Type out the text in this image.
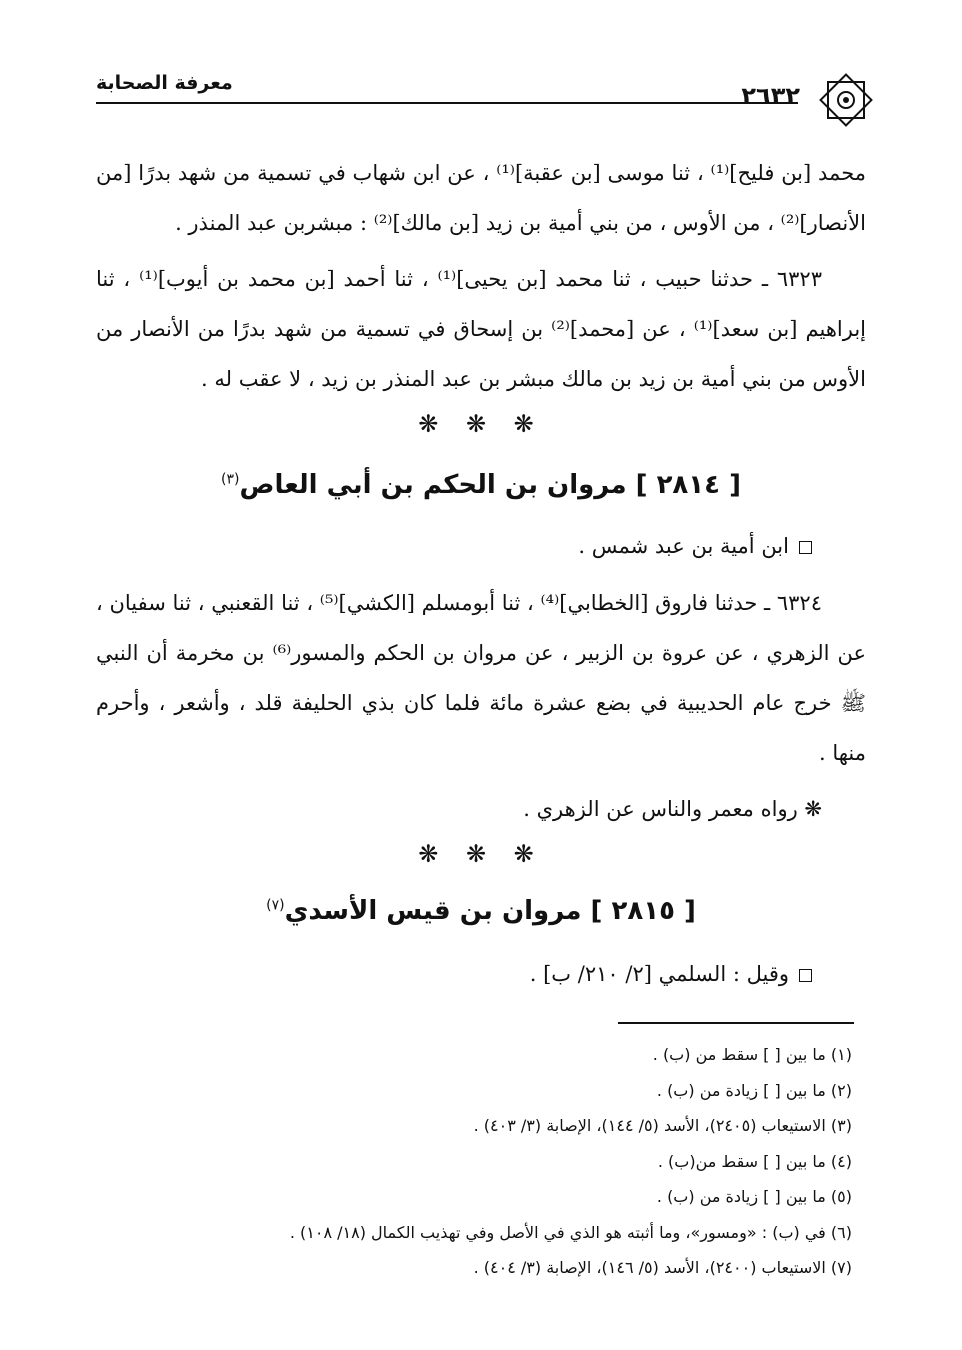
٢٦٣٢
معرفة الصحابة

محمد [بن فليح]⁽¹⁾ ، ثنا موسى [بن عقبة]⁽¹⁾ ، عن ابن شهاب في تسمية من شهد بدرًا [من الأنصار]⁽²⁾ ، من الأوس ، من بني أمية بن زيد [بن مالك]⁽²⁾ : مبشربن عبد المنذر .

٦٣٢٣ ـ حدثنا حبيب ، ثنا محمد [بن يحيى]⁽¹⁾ ، ثنا أحمد [بن محمد بن أيوب]⁽¹⁾ ، ثنا إبراهيم [بن سعد]⁽¹⁾ ، عن [محمد]⁽²⁾ بن إسحاق في تسمية من شهد بدرًا من الأنصار من الأوس من بني أمية بن زيد بن مالك مبشر بن عبد المنذر بن زيد ، لا عقب له .

❋ ❋ ❋
[ ٢٨١٤ ] مروان بن الحكم بن أبي العاص$^{(٣)}$
ابن أمية بن عبد شمس .

٦٣٢٤ ـ حدثنا فاروق [الخطابي]⁽⁴⁾ ، ثنا أبومسلم [الكشي]⁽⁵⁾ ، ثنا القعنبي ، ثنا سفيان ، عن الزهري ، عن عروة بن الزبير ، عن مروان بن الحكم والمسور⁽⁶⁾ بن مخرمة أن النبي ﷺ خرج عام الحديبية في بضع عشرة مائة فلما كان بذي الحليفة قلد ، وأشعر ، وأحرم منها .

❋ رواه معمر والناس عن الزهري .

❋ ❋ ❋
[ ٢٨١٥ ] مروان بن قيس الأسدي$^{(٧)}$
وقيل : السلمي [٢/ ٢١٠/ ب] .
(١) ما بين [ ] سقط من (ب) .
(٢) ما بين [ ] زيادة من (ب) .
(٣) الاستيعاب (٢٤٠٥)، الأسد (٥/ ١٤٤)، الإصابة (٣/ ٤٠٣) .
(٤) ما بين [ ] سقط من(ب) .
(٥) ما بين [ ] زيادة من (ب) .
(٦) في (ب) : «ومسور»، وما أثبته هو الذي في الأصل وفي تهذيب الكمال (١٨/ ١٠٨) .
(٧) الاستيعاب (٢٤٠٠)، الأسد (٥/ ١٤٦)، الإصابة (٣/ ٤٠٤) .
